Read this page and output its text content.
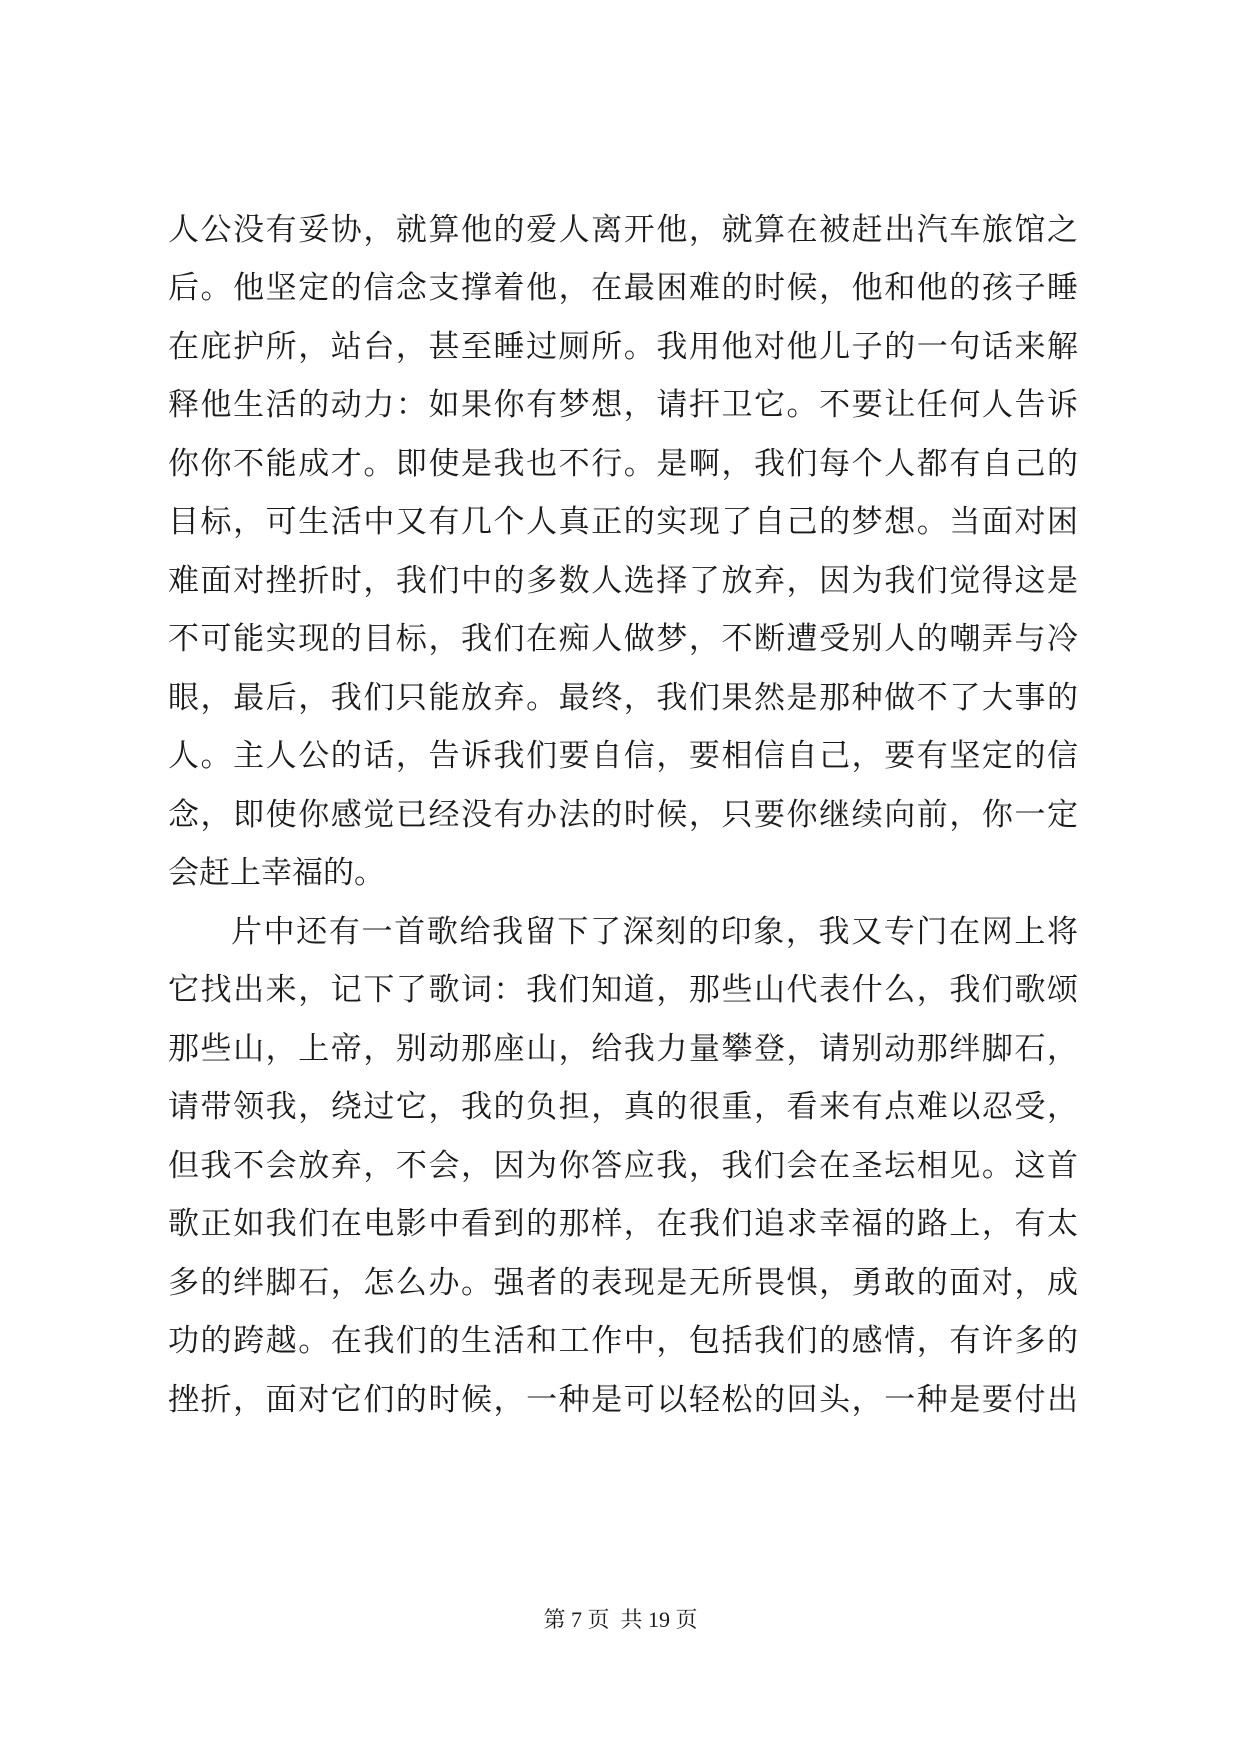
人公没有妥协，就算他的爱人离开他，就算在被赶出汽车旅馆之
后。他坚定的信念支撑着他，在最困难的时候，他和他的孩子睡
在庇护所，站台，甚至睡过厕所。我用他对他儿子的一句话来解
释他生活的动力：如果你有梦想，请扞卫它。不要让任何人告诉
你你不能成才。即使是我也不行。是啊，我们每个人都有自己的
目标，可生活中又有几个人真正的实现了自己的梦想。当面对困
难面对挫折时，我们中的多数人选择了放弃，因为我们觉得这是
不可能实现的目标，我们在痴人做梦，不断遭受别人的嘲弄与冷
眼，最后，我们只能放弃。最终，我们果然是那种做不了大事的
人。主人公的话，告诉我们要自信，要相信自己，要有坚定的信
念，即使你感觉已经没有办法的时候，只要你继续向前，你一定
会赶上幸福的。
片中还有一首歌给我留下了深刻的印象，我又专门在网上将
它找出来，记下了歌词：我们知道，那些山代表什么，我们歌颂
那些山，上帝，别动那座山，给我力量攀登，请别动那绊脚石，
请带领我，绕过它，我的负担，真的很重，看来有点难以忍受，
但我不会放弃，不会，因为你答应我，我们会在圣坛相见。这首
歌正如我们在电影中看到的那样，在我们追求幸福的路上，有太
多的绊脚石，怎么办。强者的表现是无所畏惧，勇敢的面对，成
功的跨越。在我们的生活和工作中，包括我们的感情，有许多的
挫折，面对它们的时候，一种是可以轻松的回头，一种是要付出
第 7 页  共 19 页
